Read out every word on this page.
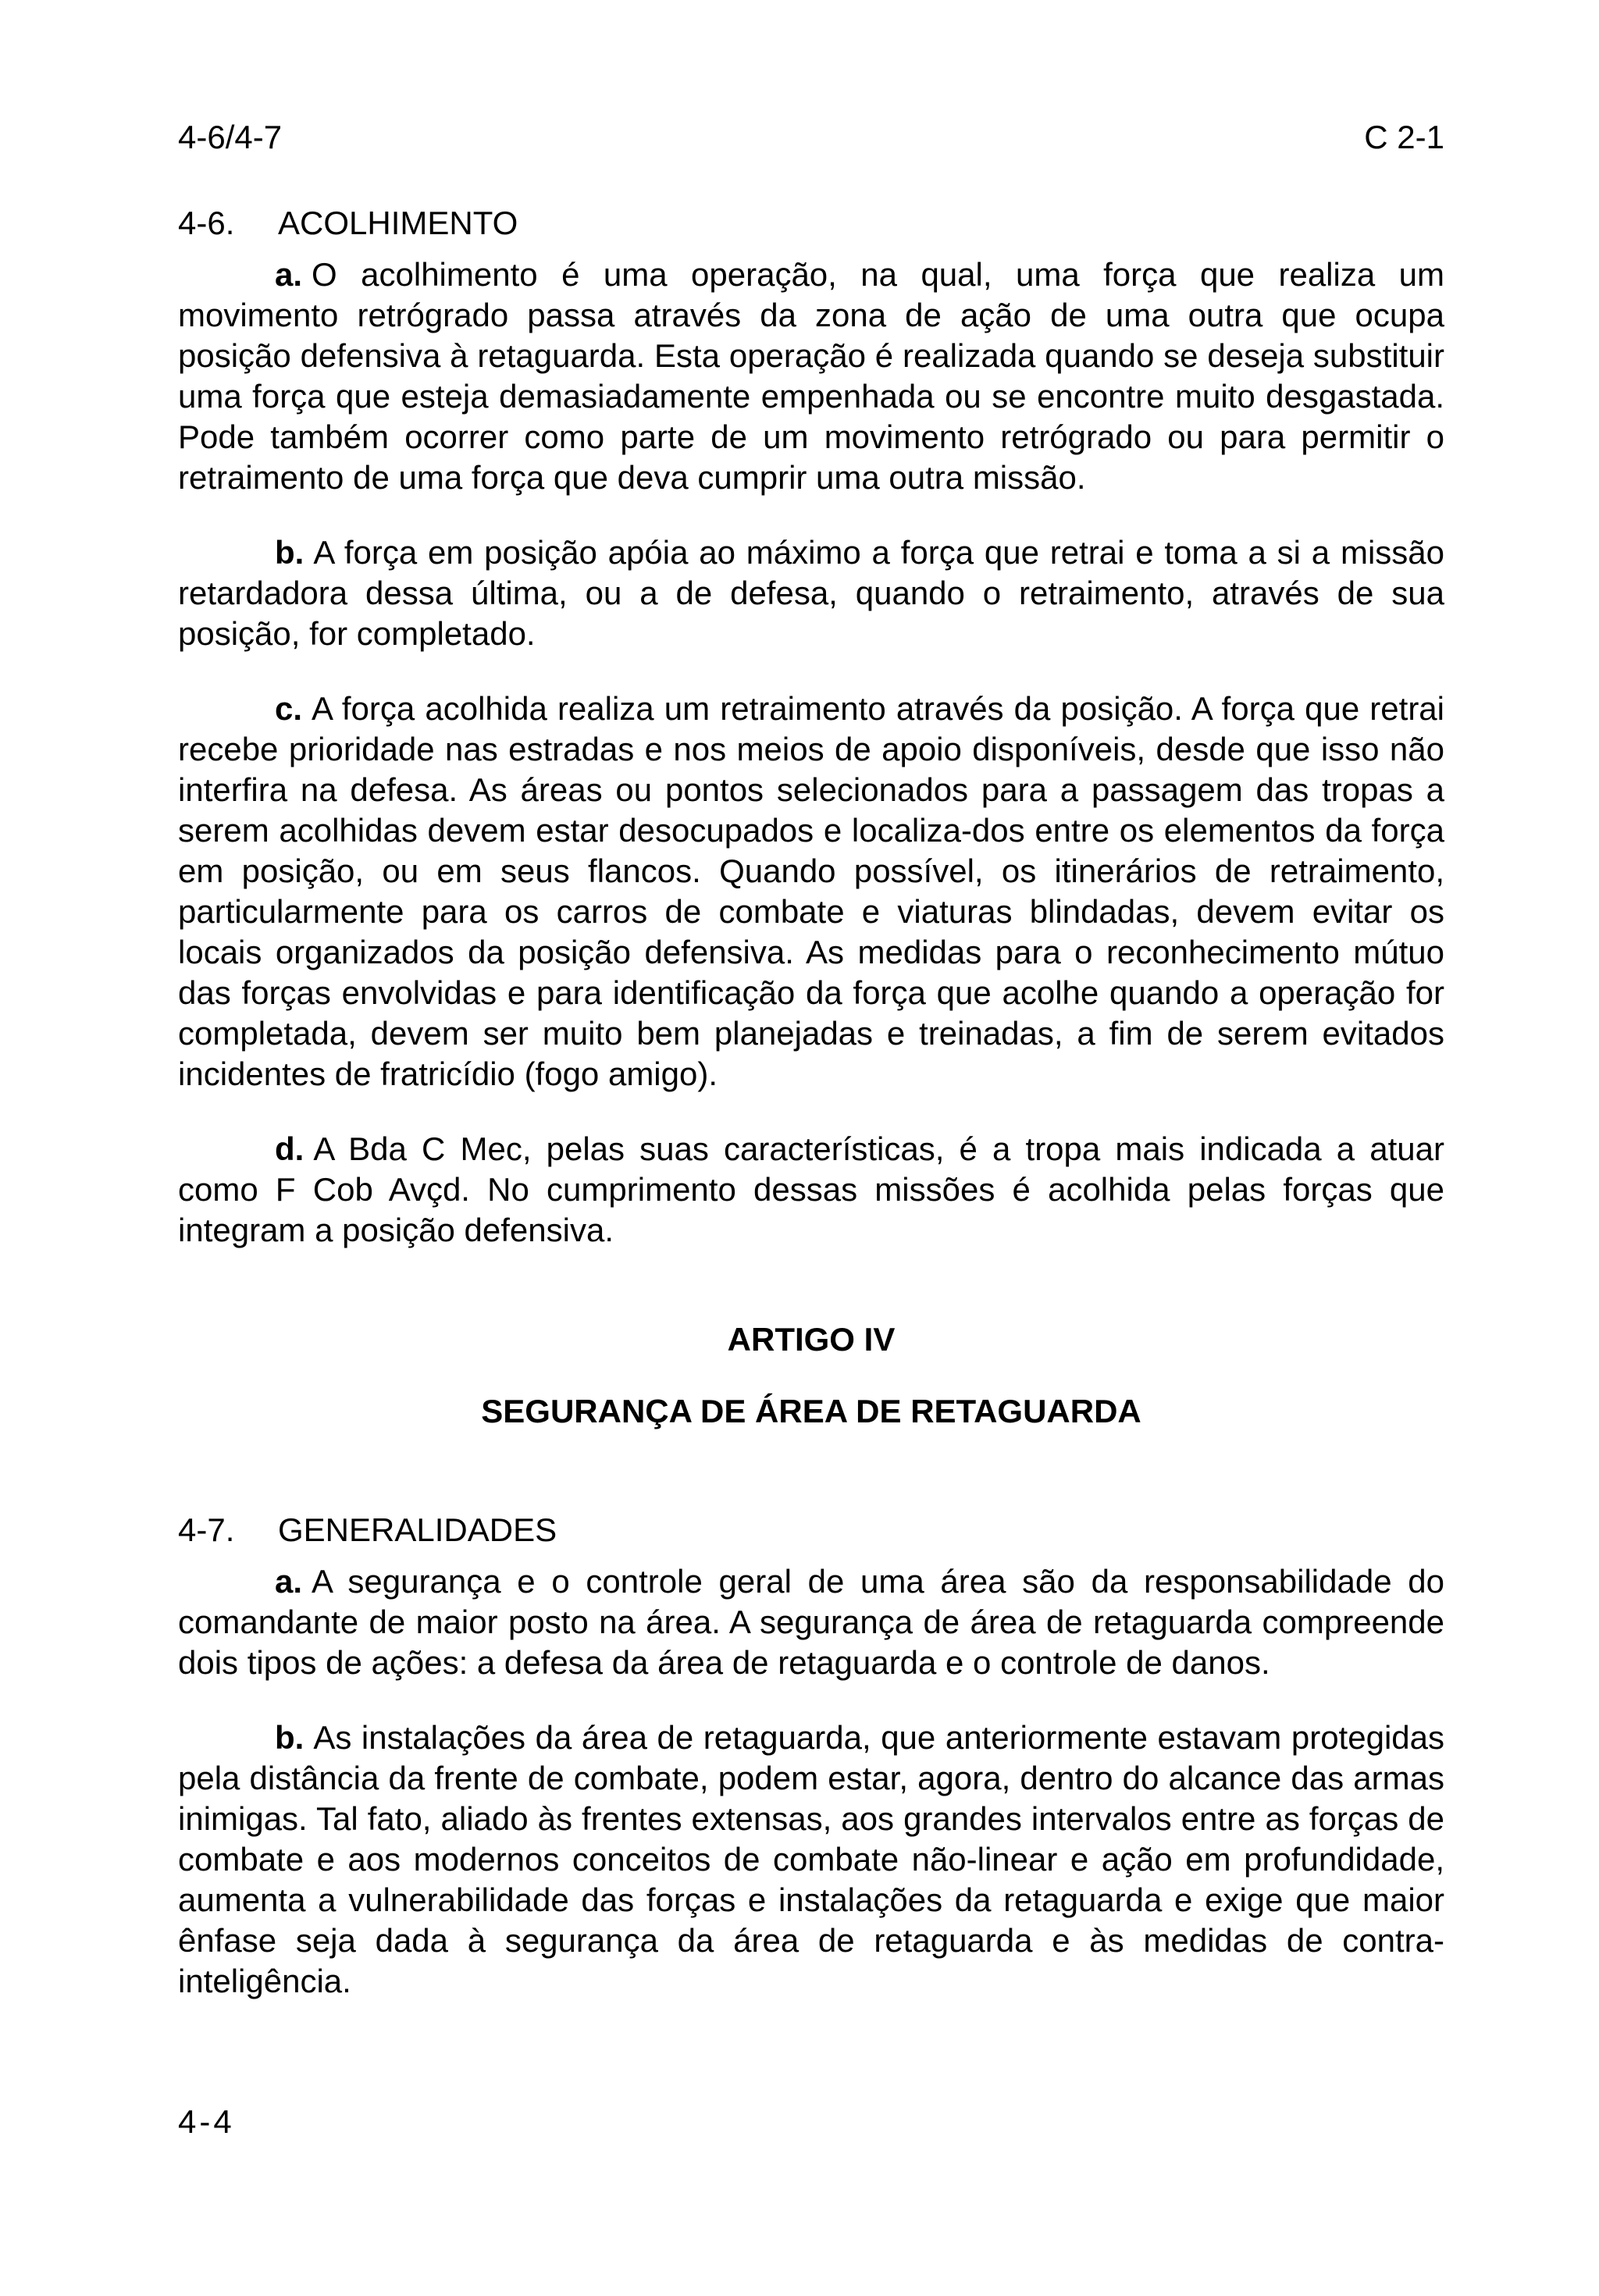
4-6/4-7	C 2-1
4-6.	ACOLHIMENTO

a. O acolhimento é uma operação, na qual, uma força que realiza um movimento retrógrado passa através da zona de ação de uma outra que ocupa posição defensiva à retaguarda. Esta operação é realizada quando se deseja substituir uma força que esteja demasiadamente empenhada ou se encontre muito desgastada. Pode também ocorrer como parte de um movimento retrógrado ou para permitir o retraimento de uma força que deva cumprir uma outra missão.

b. A força em posição apóia ao máximo a força que retrai e toma a si a missão retardadora dessa última, ou a de defesa, quando o retraimento, através de sua posição, for completado.

c. A força acolhida realiza um retraimento através da posição. A força que retrai recebe prioridade nas estradas e nos meios de apoio disponíveis, desde que isso não interfira na defesa. As áreas ou pontos selecionados para a passagem das tropas a serem acolhidas devem estar desocupados e localiza-dos entre os elementos da força em posição, ou em seus flancos. Quando possível, os itinerários de retraimento, particularmente para os carros de combate e viaturas blindadas, devem evitar os locais organizados da posição defensiva. As medidas para o reconhecimento mútuo das forças envolvidas e para identificação da força que acolhe quando a operação for completada, devem ser muito bem planejadas e treinadas, a fim de serem evitados incidentes de fratricídio (fogo amigo).

d. A Bda C Mec, pelas suas características, é a tropa mais indicada a atuar como F Cob Avçd. No cumprimento dessas missões é acolhida pelas forças que integram a posição defensiva.

ARTIGO IV
SEGURANÇA DE ÁREA DE RETAGUARDA
4-7.	GENERALIDADES

a. A segurança e o controle geral de uma área são da responsabilidade do comandante de maior posto na área. A segurança de área de retaguarda compreende dois tipos de ações: a defesa da área de retaguarda e o controle de danos.

b. As instalações da área de retaguarda, que anteriormente estavam protegidas pela distância da frente de combate, podem estar, agora, dentro do alcance das armas inimigas. Tal fato, aliado às frentes extensas, aos grandes intervalos entre as forças de combate e aos modernos conceitos de combate não-linear e ação em profundidade, aumenta a vulnerabilidade das forças e instalações da retaguarda e exige que maior ênfase seja dada à segurança da área de retaguarda e às medidas de contra-inteligência.

4-4
